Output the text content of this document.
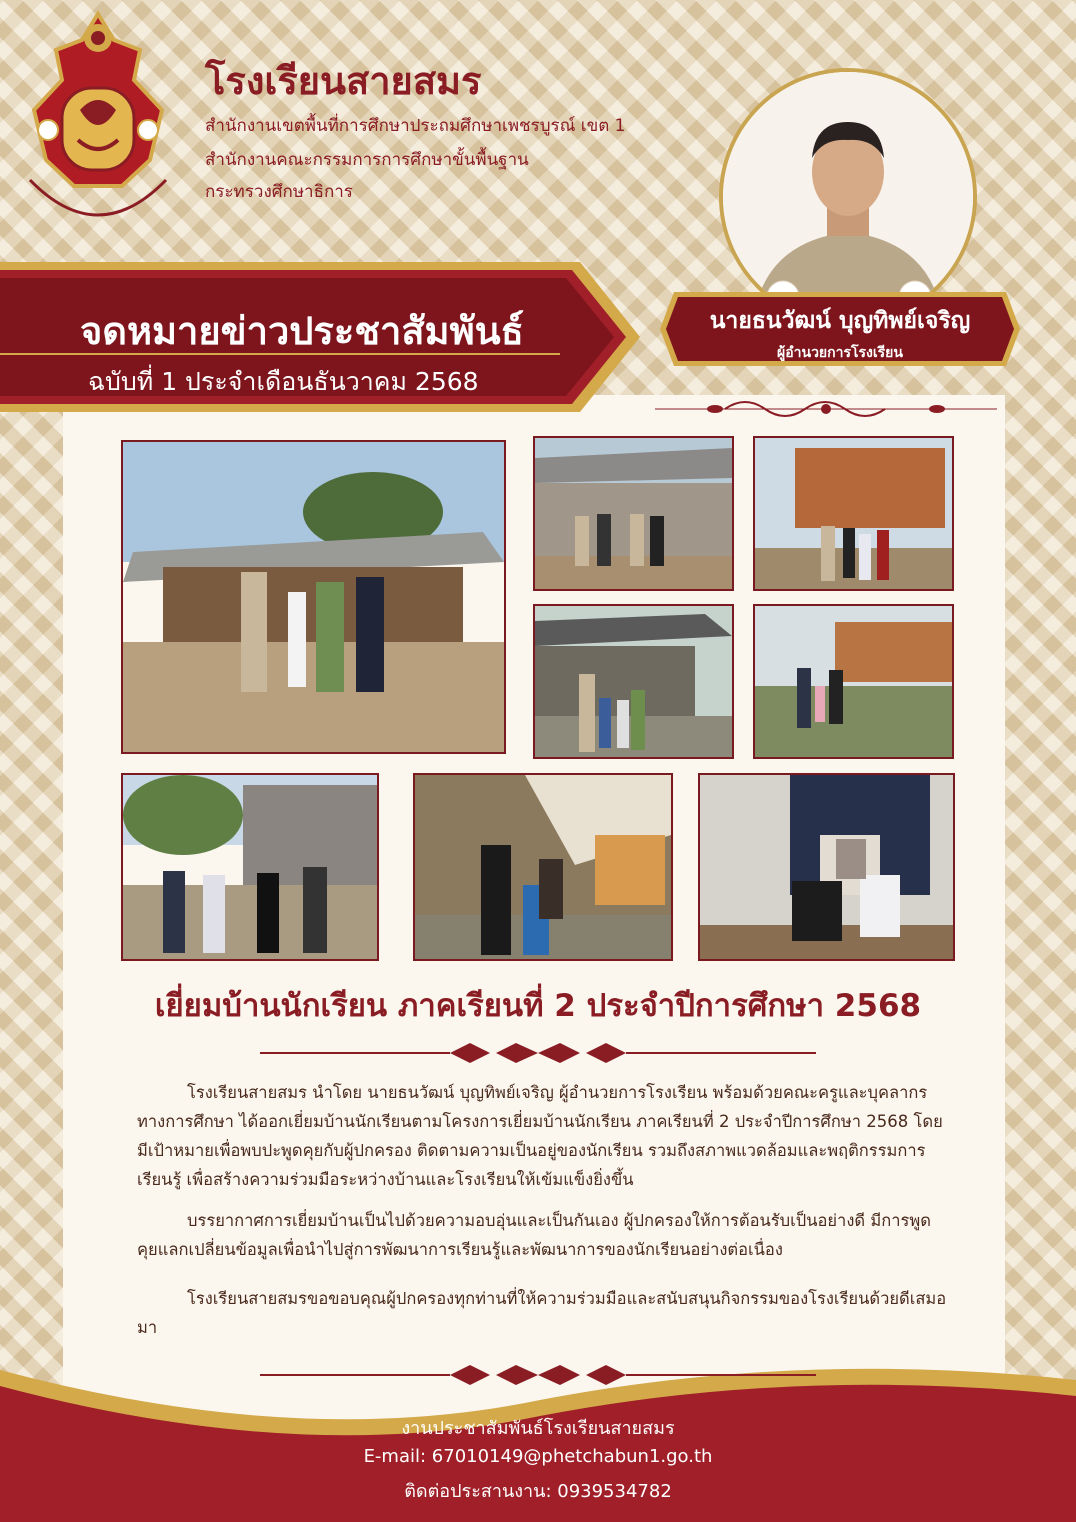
โรงเรียนสายสมร

สำนักงานเขตพื้นที่การศึกษาประถมศึกษาเพชรบูรณ์ เขต 1

สำนักงานคณะกรรมการการศึกษาขั้นพื้นฐาน

กระทรวงศึกษาธิการ

จดหมายข่าวประชาสัมพันธ์

ฉบับที่ 1 ประจำเดือนธันวาคม 2568

นายธนวัฒน์ บุญทิพย์เจริญ

ผู้อำนวยการโรงเรียน

เยี่ยมบ้านนักเรียน ภาคเรียนที่ 2 ประจำปีการศึกษา 2568

โรงเรียนสายสมร นำโดย นายธนวัฒน์ บุญทิพย์เจริญ ผู้อำนวยการโรงเรียน พร้อมด้วยคณะครูและบุคลากรทางการศึกษา ได้ออกเยี่ยมบ้านนักเรียนตามโครงการเยี่ยมบ้านนักเรียน ภาคเรียนที่ 2 ประจำปีการศึกษา 2568 โดยมีเป้าหมายเพื่อพบปะพูดคุยกับผู้ปกครอง ติดตามความเป็นอยู่ของนักเรียน รวมถึงสภาพแวดล้อมและพฤติกรรมการเรียนรู้ เพื่อสร้างความร่วมมือระหว่างบ้านและโรงเรียนให้เข้มแข็งยิ่งขึ้น

บรรยากาศการเยี่ยมบ้านเป็นไปด้วยความอบอุ่นและเป็นกันเอง ผู้ปกครองให้การต้อนรับเป็นอย่างดี มีการพูดคุยแลกเปลี่ยนข้อมูลเพื่อนำไปสู่การพัฒนาการเรียนรู้และพัฒนาการของนักเรียนอย่างต่อเนื่อง

โรงเรียนสายสมรขอขอบคุณผู้ปกครองทุกท่านที่ให้ความร่วมมือและสนับสนุนกิจกรรมของโรงเรียนด้วยดีเสมอมา

งานประชาสัมพันธ์โรงเรียนสายสมร

E-mail: 67010149@phetchabun1.go.th

ติดต่อประสานงาน: 0939534782
